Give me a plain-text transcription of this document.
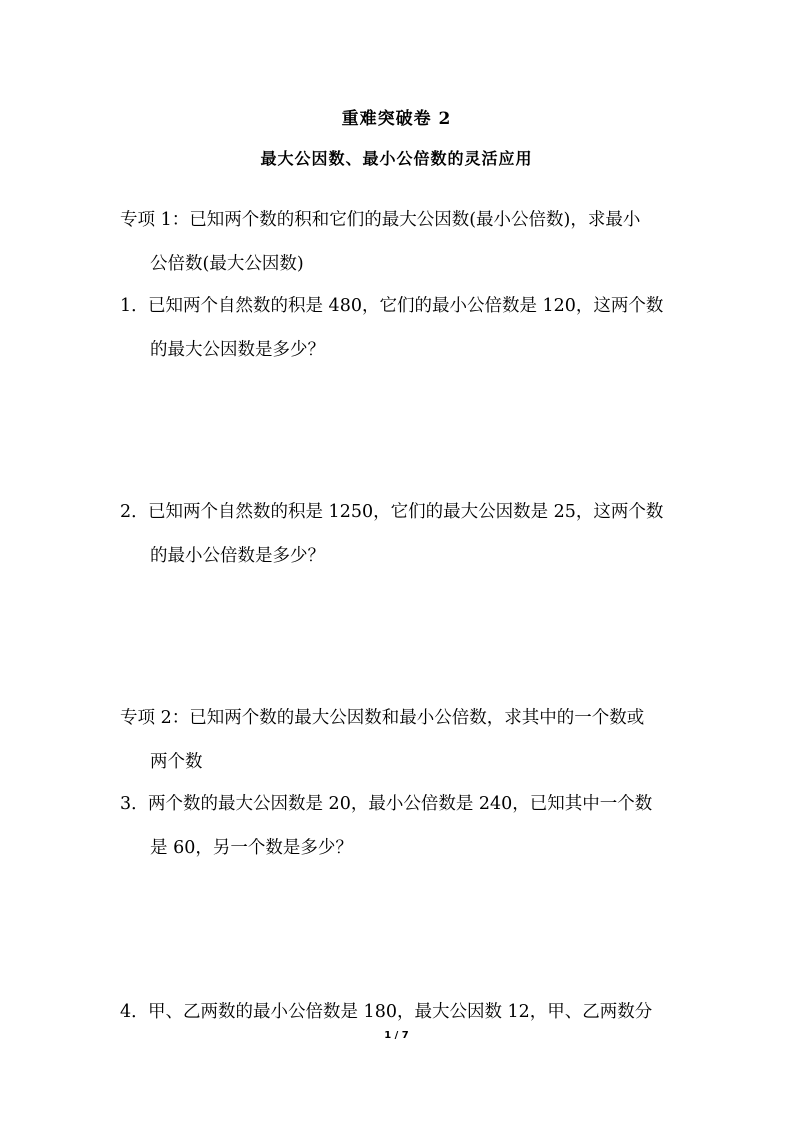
重难突破卷 2
最大公因数、最小公倍数的灵活应用
专项 1：已知两个数的积和它们的最大公因数(最小公倍数)，求最小
公倍数(最大公因数)
1．已知两个自然数的积是 480，它们的最小公倍数是 120，这两个数
的最大公因数是多少？
2．已知两个自然数的积是 1250，它们的最大公因数是 25，这两个数
的最小公倍数是多少？
专项 2：已知两个数的最大公因数和最小公倍数，求其中的一个数或
两个数
3．两个数的最大公因数是 20，最小公倍数是 240，已知其中一个数
是 60，另一个数是多少？
4．甲、乙两数的最小公倍数是 180，最大公因数 12，甲、乙两数分
1 / 7
